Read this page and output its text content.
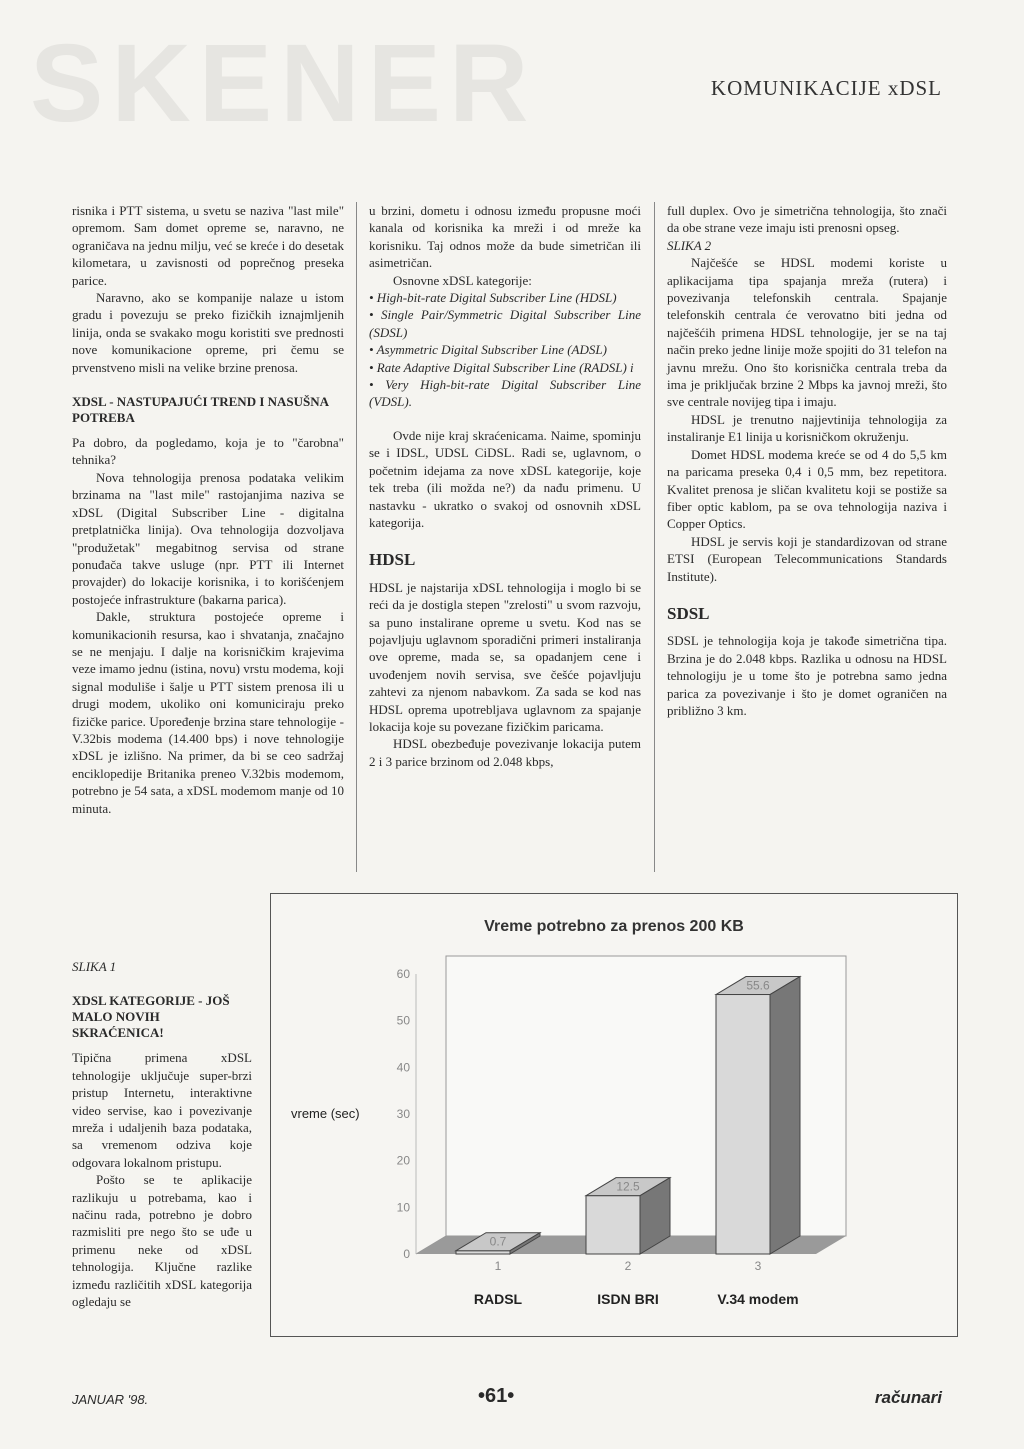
SKENER	KOMUNIKACIJE xDSL

risnika i PTT sistema, u svetu se naziva "last mile" opremom. Sam domet opreme se, naravno, ne ograničava na jednu milju, već se kreće i do desetak kilometara, u zavisnosti od poprečnog preseka parice.

Naravno, ako se kompanije nalaze u istom gradu i povezuju se preko fizičkih iznajmljenih linija, onda se svakako mogu koristiti sve prednosti nove komunikacione opreme, pri čemu se prvenstveno misli na velike brzine prenosa.

XDSL - NASTUPAJUĆI TREND I NASUŠNA POTREBA

Pa dobro, da pogledamo, koja je to "čarobna" tehnika?

Nova tehnologija prenosa podataka velikim brzinama na "last mile" rastojanjima naziva se xDSL (Digital Subscriber Line - digitalna pretplatnička linija). Ova tehnologija dozvoljava "produžetak" megabitnog servisa od strane ponuđača takve usluge (npr. PTT ili Internet provajder) do lokacije korisnika, i to korišćenjem postojeće infrastrukture (bakarna parica).

Dakle, struktura postojeće opreme i komunikacionih resursa, kao i shvatanja, značajno se ne menjaju. I dalje na korisničkim krajevima veze imamo jednu (istina, novu) vrstu modema, koji signal moduliše i šalje u PTT sistem prenosa ili u drugi modem, ukoliko oni komuniciraju preko fizičke parice. Upoređenje brzina stare tehnologije - V.32bis modema (14.400 bps) i nove tehnologije xDSL je izlišno. Na primer, da bi se ceo sadržaj enciklopedije Britanika preneo V.32bis modemom, potrebno je 54 sata, a xDSL modemom manje od 10 minuta.

SLIKA 1

XDSL KATEGORIJE - JOŠ MALO NOVIH SKRAĆENICA!

Tipična primena xDSL tehnologije uključuje super-brzi pristup Internetu, interaktivne video servise, kao i povezivanje mreža i udaljenih baza podataka, sa vremenom odziva koje odgovara lokalnom pristupu.

Pošto se te aplikacije razlikuju u potrebama, kao i načinu rada, potrebno je dobro razmisliti pre nego što se uđe u primenu neke od xDSL tehnologija. Ključne razlike između različitih xDSL kategorija ogledaju se

u brzini, dometu i odnosu između propusne moći kanala od korisnika ka mreži i od mreže ka korisniku. Taj odnos može da bude simetričan ili asimetričan.

Osnovne xDSL kategorije:

• High-bit-rate Digital Subscriber Line (HDSL)

• Single Pair/Symmetric Digital Subscriber Line (SDSL)

• Asymmetric Digital Subscriber Line (ADSL)

• Rate Adaptive Digital Subscriber Line (RADSL) i

• Very High-bit-rate Digital Subscriber Line (VDSL).

Ovde nije kraj skraćenicama. Naime, spominju se i IDSL, UDSL CiDSL. Radi se, uglavnom, o početnim idejama za nove xDSL kategorije, koje tek treba (ili možda ne?) da nađu primenu. U nastavku - ukratko o svakoj od osnovnih xDSL kategorija.

HDSL

HDSL je najstarija xDSL tehnologija i moglo bi se reći da je dostigla stepen "zrelosti" u svom razvoju, sa puno instalirane opreme u svetu. Kod nas se pojavljuju uglavnom sporadični primeri instaliranja ove opreme, mada se, sa opadanjem cene i uvođenjem novih servisa, sve češće pojavljuju zahtevi za njenom nabavkom. Za sada se kod nas HDSL oprema upotrebljava uglavnom za spajanje lokacija koje su povezane fizičkim paricama.

HDSL obezbeđuje povezivanje lokacija putem 2 i 3 parice brzinom od 2.048 kbps,

full duplex. Ovo je simetrična tehnologija, što znači da obe strane veze imaju isti prenosni opseg.

SLIKA 2

Najčešće se HDSL modemi koriste u aplikacijama tipa spajanja mreža (rutera) i povezivanja telefonskih centrala. Spajanje telefonskih centrala će verovatno biti jedna od najčešćih primena HDSL tehnologije, jer se na taj način preko jedne linije može spojiti do 31 telefon na javnu mrežu. Ono što korisnička centrala treba da ima je priključak brzine 2 Mbps ka javnoj mreži, što sve centrale novijeg tipa i imaju.

HDSL je trenutno najjevtinija tehnologija za instaliranje E1 linija u korisničkom okruženju.

Domet HDSL modema kreće se od 4 do 5,5 km na paricama preseka 0,4 i 0,5 mm, bez repetitora. Kvalitet prenosa je sličan kvalitetu koji se postiže sa fiber optic kablom, pa se ova tehnologija naziva i Copper Optics.

HDSL je servis koji je standardizovan od strane ETSI (European Telecommunications Standards Institute).

SDSL

SDSL je tehnologija koja je takođe simetrična tipa. Brzina je do 2.048 kbps. Razlika u odnosu na HDSL tehnologiju je u tome što je potrebna samo jedna parica za povezivanje i što je domet ograničen na približno 3 km.

Vreme potrebno za prenos 200 KB
0
10
20
30
40
50
60
vreme (sec)
0.7
1
RADSL
12.5
2
ISDN BRI
55.6
3
V.34 modem
JANUAR '98.	•61•	računari
